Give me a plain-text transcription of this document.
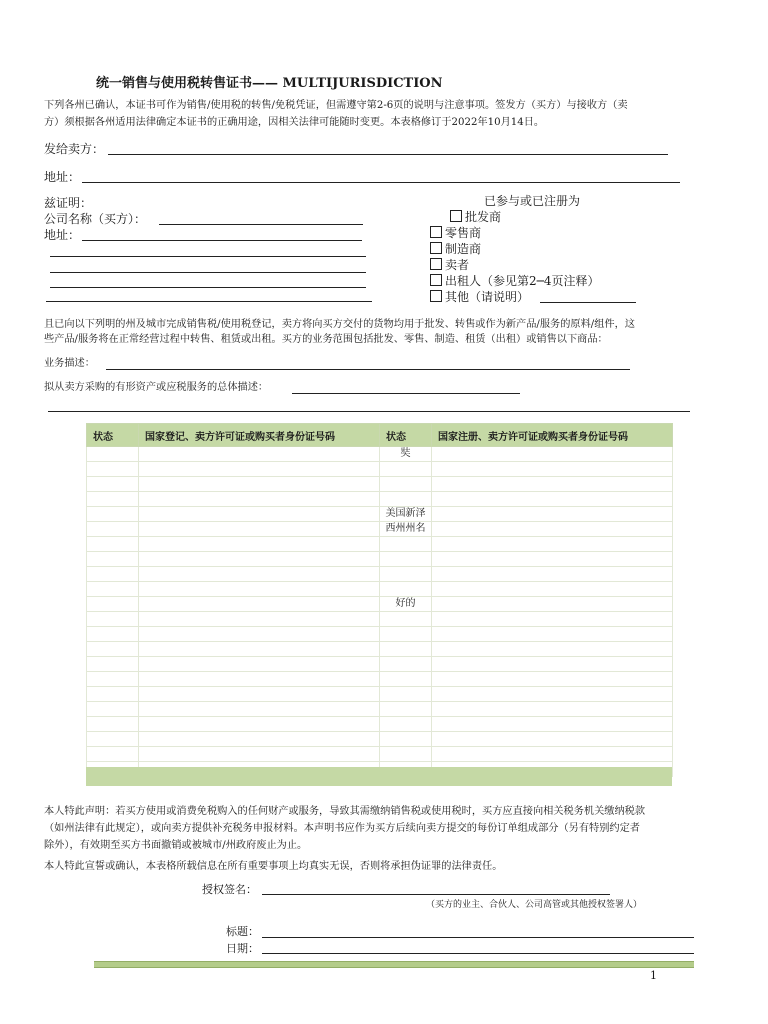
统一销售与使用税转售证书—— MULTIJURISDICTION
下列各州已确认，本证书可作为销售/使用税的转售/免税凭证，但需遵守第2-6页的说明与注意事项。签发方（买方）与接收方（卖
方）须根据各州适用法律确定本证书的正确用途，因相关法律可能随时变更。本表格修订于2022年10月14日。
发给卖方：
地址：
兹证明：
公司名称（买方）：
地址：
已参与或已注册为
批发商
零售商
制造商
卖者
出租人（参见第2─4页注释）
其他（请说明）
且已向以下列明的州及城市完成销售税/使用税登记，卖方将向买方交付的货物均用于批发、转售或作为新产品/服务的原料/组件，这
些产品/服务将在正常经营过程中转售、租赁或出租。买方的业务范围包括批发、零售、制造、租赁（出租）或销售以下商品：
业务描述：
拟从卖方采购的有形资产或应税服务的总体描述：
状态	国家登记、卖方许可证或购买者身份证号码	状态	国家注册、卖方许可证或购买者身份证号码
		奘	

		美国新泽	
		西州州名	

		好的	

本人特此声明：若买方使用或消费免税购入的任何财产或服务，导致其需缴纳销售税或使用税时，买方应直接向相关税务机关缴纳税款
（如州法律有此规定），或向卖方提供补充税务申报材料。本声明书应作为买方后续向卖方提交的每份订单组成部分（另有特别约定者
除外），有效期至买方书面撤销或被城市/州政府废止为止。
本人特此宣誓或确认，本表格所载信息在所有重要事项上均真实无误，否则将承担伪证罪的法律责任。
授权签名：
（买方的业主、合伙人、公司高管或其他授权签署人）
标题：
日期：
1
